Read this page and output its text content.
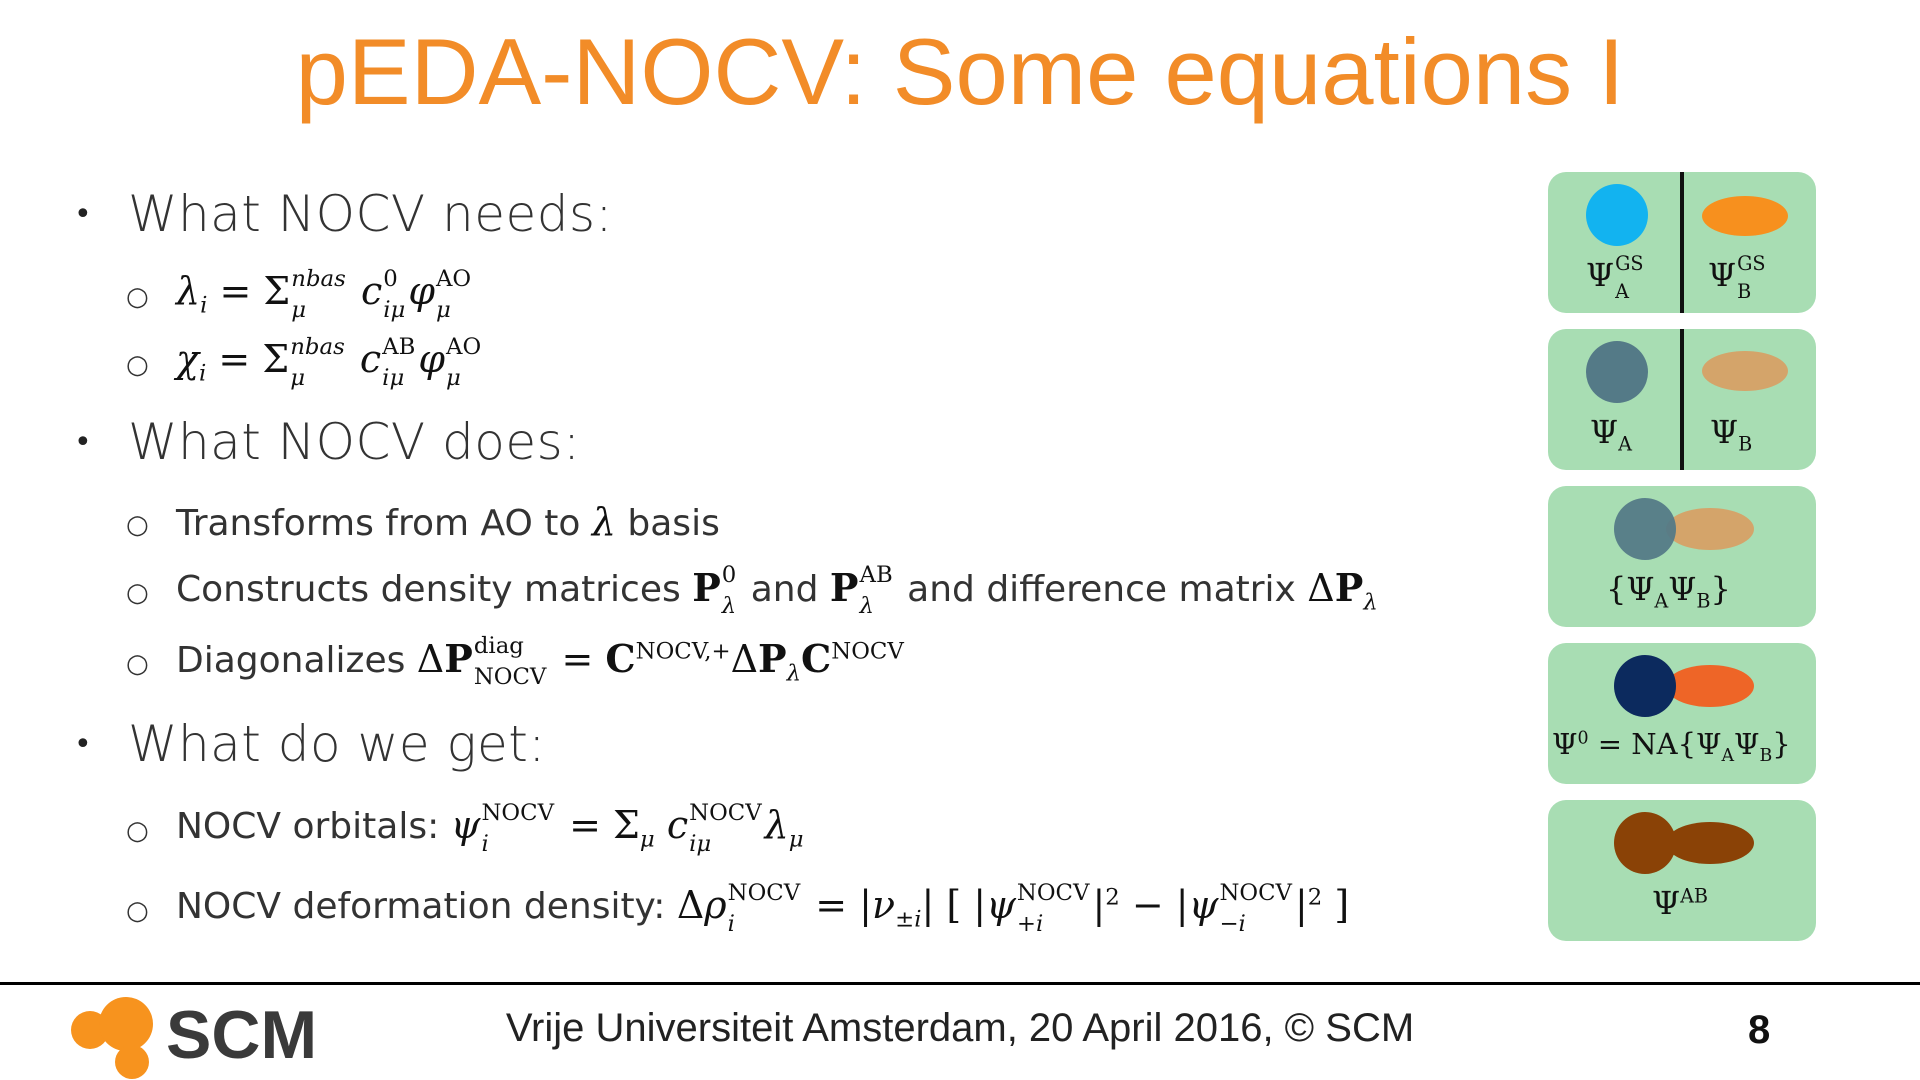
pEDA-NOCV: Some equations I
• What NOCV needs:
○ $\lambda_i = \Sigma$ nbas
μ	c 0
iμ φ AO
μ
○ $\chi_i = \Sigma$ nbas
μ	c AB
iμ φ AO
μ
• What NOCV does:
○ Transforms from AO to λ basis
○ Constructs density matrices P 0
λ and P AB
λ and difference matrix $\Delta P_\lambda$
○ Diagonalizes ΔP diag
NOCV = $C^{NOCV,+}\Delta P_\lambda C^{NOCV}$
• What do we get:
○ NOCV orbitals: ψ NOCV
i	= $\Sigma_\mu$ c NOCV
iμ	$\lambda_\mu$
○ NOCV deformation density: Δρ NOCV
i	= $|\nu_{\pm i}|$ [ |ψ NOCV
+i	$|^2 - |\psi$ NOCV
−i	$|^2$ ]
Ψ GS
A	Ψ GS
B
$\Psi_A$ $\Psi_B$
$\{\Psi_A\Psi_B\}$
$\Psi^0 = NA\{\Psi_A\Psi_B\}$
$\Psi^{AB}$
SCM	Vrije Universiteit Amsterdam, 20 April 2016, © SCM	8
